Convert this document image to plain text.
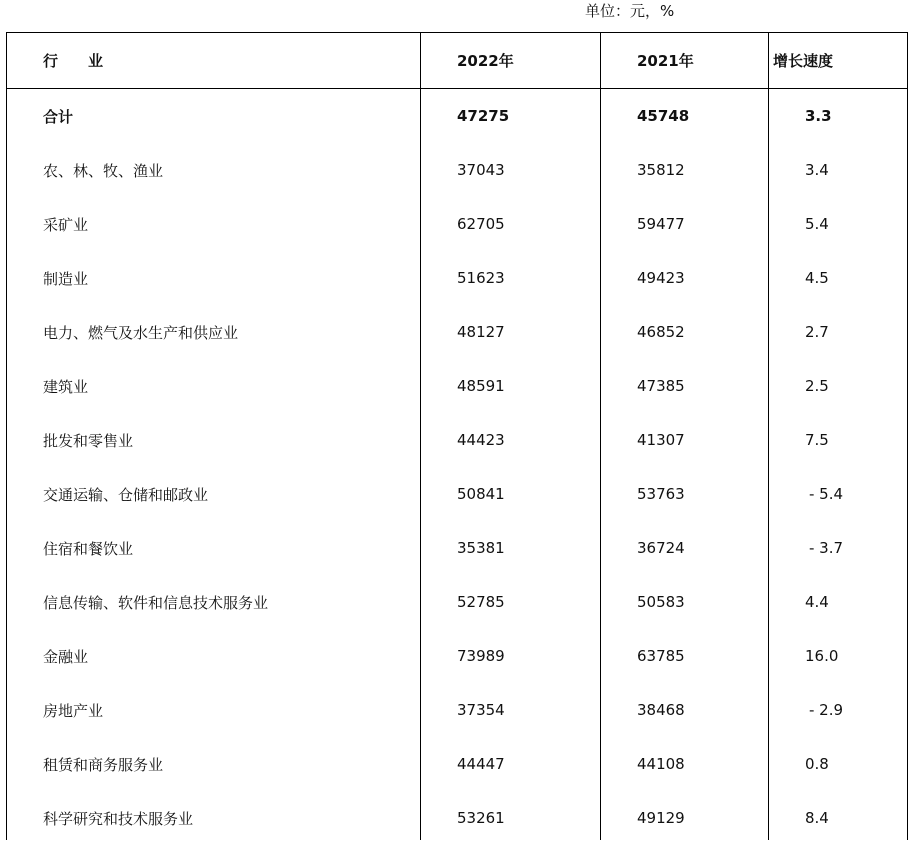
单位：元，%
行 业	2022年	2021年	增长速度
合计	47275	45748	3.3
农、林、牧、渔业	37043	35812	3.4
采矿业	62705	59477	5.4
制造业	51623	49423	4.5
电力、燃气及水生产和供应业	48127	46852	2.7
建筑业	48591	47385	2.5
批发和零售业	44423	41307	7.5
交通运输、仓储和邮政业	50841	53763	- 5.4
住宿和餐饮业	35381	36724	- 3.7
信息传输、软件和信息技术服务业	52785	50583	4.4
金融业	73989	63785	16.0
房地产业	37354	38468	- 2.9
租赁和商务服务业	44447	44108	0.8
科学研究和技术服务业	53261	49129	8.4
